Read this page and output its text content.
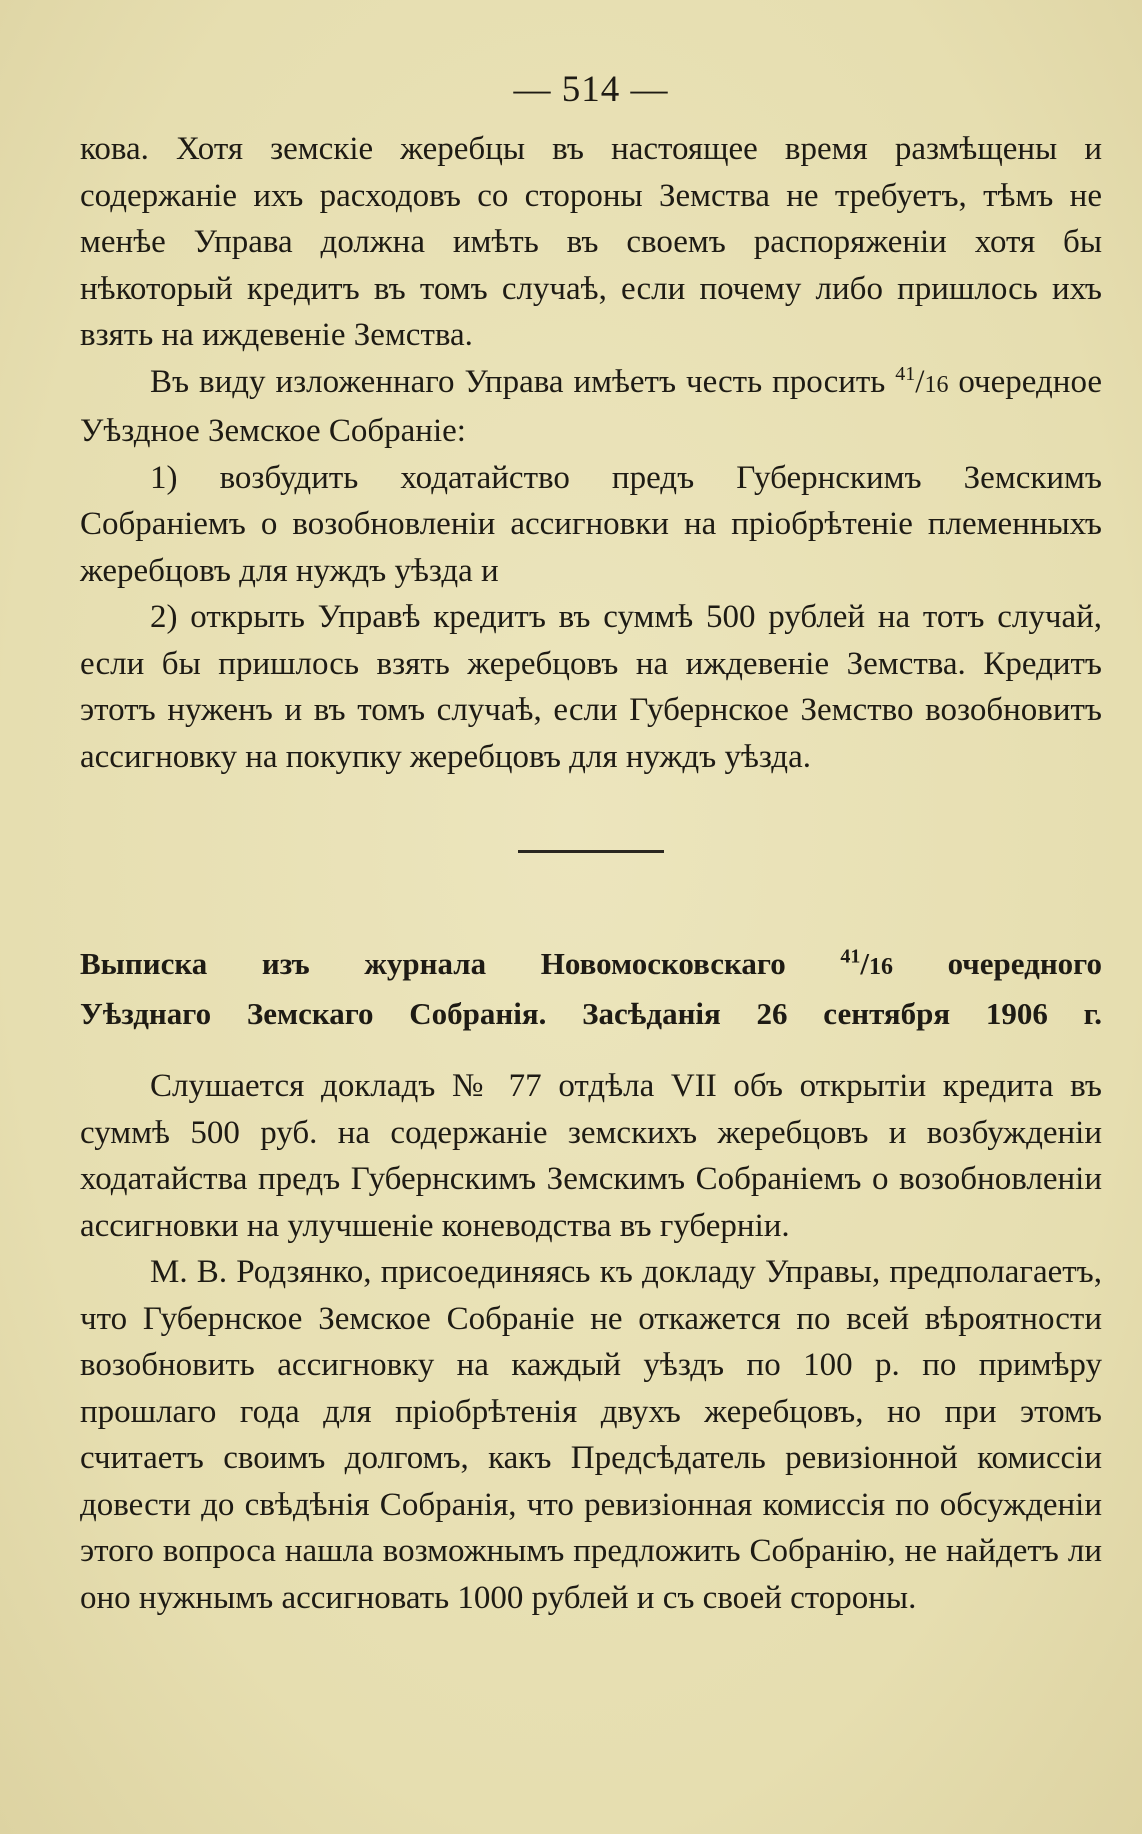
— 514 —

кова. Хотя земскіе жеребцы въ настоящее время размѣщены и содержаніе ихъ расходовъ со стороны Земства не требуетъ, тѣмъ не менѣе Управа должна имѣть въ своемъ распоряженіи хотя бы нѣкоторый кредитъ въ томъ случаѣ, если почему либо пришлось ихъ взять на иждевеніе Земства.

Въ виду изложеннаго Управа имѣетъ честь просить $^{41}$/16 очередное Уѣздное Земское Собраніе:

1) возбудить ходатайство предъ Губернскимъ Земскимъ Собраніемъ о возобновленіи ассигновки на пріобрѣтеніе племенныхъ жеребцовъ для нуждъ уѣзда и

2) открыть Управѣ кредитъ въ суммѣ 500 рублей на тотъ случай, если бы пришлось взять жеребцовъ на иждевеніе Земства. Кредитъ этотъ нуженъ и въ томъ случаѣ, если Губернское Земство возобновитъ ассигновку на покупку жеребцовъ для нуждъ уѣзда.

Выписка изъ журнала Новомосковскаго $^{41}$/16 очередного
Уѣзднаго Земскаго Собранія. Засѣданія 26 сентября 1906 г.

Слушается докладъ № 77 отдѣла VII объ открытіи кредита въ суммѣ 500 руб. на содержаніе земскихъ жеребцовъ и возбужденіи ходатайства предъ Губернскимъ Земскимъ Собраніемъ о возобновленіи ассигновки на улучшеніе коневодства въ губерніи.

М. В. Родзянко, присоединяясь къ докладу Управы, предполагаетъ, что Губернское Земское Собраніе не откажется по всей вѣроятности возобновить ассигновку на каждый уѣздъ по 100 р. по примѣру прошлаго года для пріобрѣтенія двухъ жеребцовъ, но при этомъ считаетъ своимъ долгомъ, какъ Предсѣдатель ревизіонной комиссіи довести до свѣдѣнія Собранія, что ревизіонная комиссія по обсужденіи этого вопроса нашла возможнымъ предложить Собранію, не найдетъ ли оно нужнымъ ассигновать 1000 рублей и съ своей стороны.
